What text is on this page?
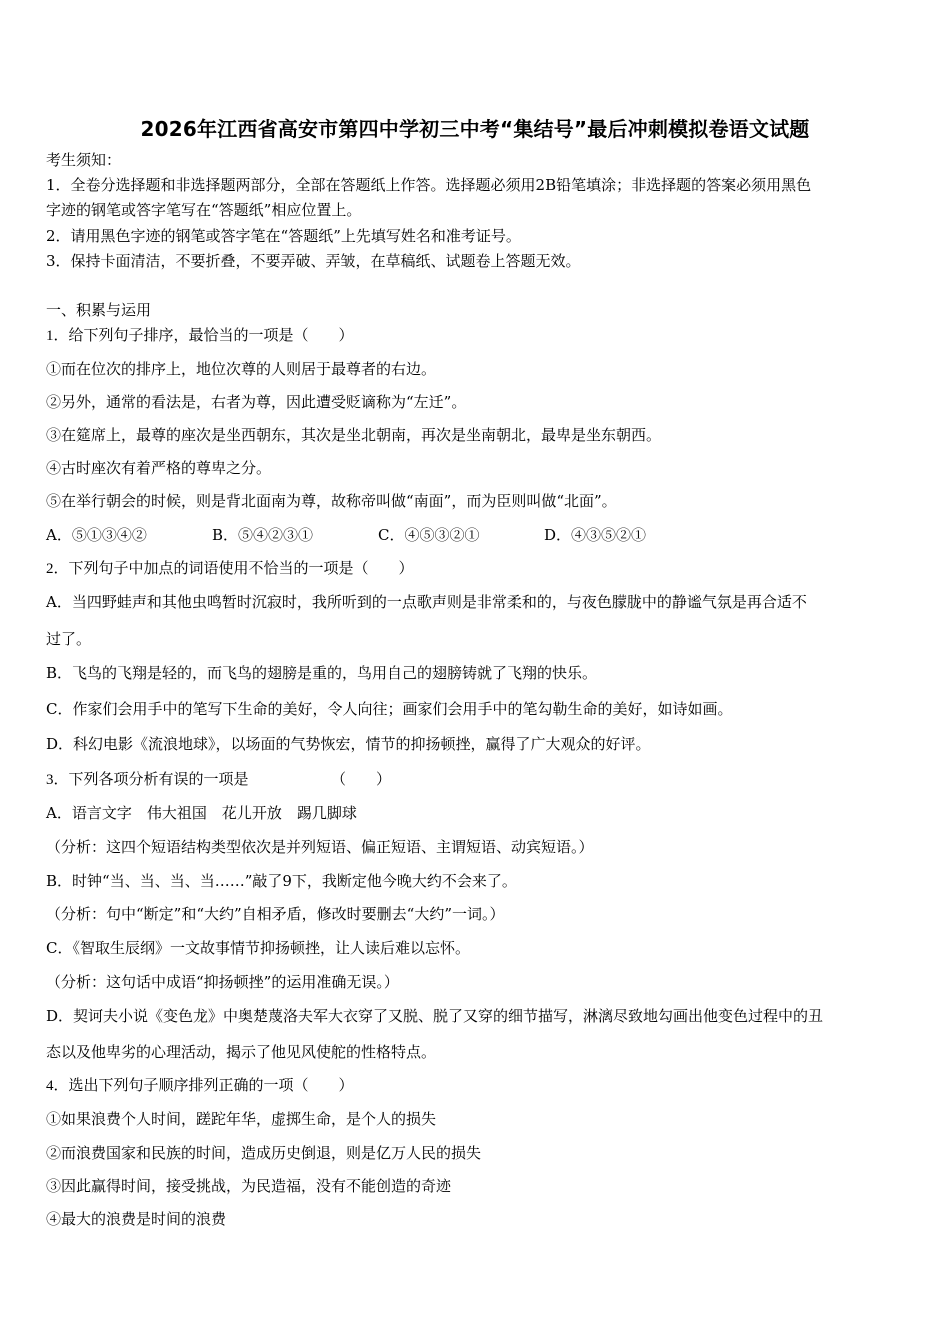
2026年江西省高安市第四中学初三中考“集结号”最后冲刺模拟卷语文试题
考生须知：
1．全卷分选择题和非选择题两部分，全部在答题纸上作答。选择题必须用2B铅笔填涂；非选择题的答案必须用黑色
字迹的钢笔或答字笔写在“答题纸”相应位置上。
2．请用黑色字迹的钢笔或答字笔在“答题纸”上先填写姓名和准考证号。
3．保持卡面清洁，不要折叠，不要弄破、弄皱，在草稿纸、试题卷上答题无效。
一、积累与运用
1．给下列句子排序，最恰当的一项是（　　）
①而在位次的排序上，地位次尊的人则居于最尊者的右边。
②另外，通常的看法是，右者为尊，因此遭受贬谪称为“左迁”。
③在筵席上，最尊的座次是坐西朝东，其次是坐北朝南，再次是坐南朝北，最卑是坐东朝西。
④古时座次有着严格的尊卑之分。
⑤在举行朝会的时候，则是背北面南为尊，故称帝叫做“南面”，而为臣则叫做“北面”。
A．⑤①③④②	B．⑤④②③①	C．④⑤③②①	D．④③⑤②①
2．下列句子中加点的词语使用不恰当的一项是（　　）
A．当四野蛙声和其他虫鸣暂时沉寂时，我所听到的一点歌声则是非常柔和的，与夜色朦胧中的静谧气氛是再合适不
过了。
B．飞鸟的飞翔是轻的，而飞鸟的翅膀是重的，鸟用自己的翅膀铸就了飞翔的快乐。
C．作家们会用手中的笔写下生命的美好，令人向往；画家们会用手中的笔勾勒生命的美好，如诗如画。
D．科幻电影《流浪地球》，以场面的气势恢宏，情节的抑扬顿挫，赢得了广大观众的好评。
3．下列各项分析有误的一项是　　　　　　（　　）
A．语言文字　伟大祖国　花儿开放　踢几脚球
（分析：这四个短语结构类型依次是并列短语、偏正短语、主谓短语、动宾短语。）
B．时钟“当、当、当、当……”敲了9下，我断定他今晚大约不会来了。
（分析：句中“断定”和“大约”自相矛盾，修改时要删去“大约”一词。）
C．《智取生辰纲》一文故事情节抑扬顿挫，让人读后难以忘怀。
（分析：这句话中成语“抑扬顿挫”的运用准确无误。）
D．契诃夫小说《变色龙》中奥楚蔑洛夫军大衣穿了又脱、脱了又穿的细节描写，淋漓尽致地勾画出他变色过程中的丑
态以及他卑劣的心理活动，揭示了他见风使舵的性格特点。
4．选出下列句子顺序排列正确的一项（　　）
①如果浪费个人时间，蹉跎年华，虚掷生命，是个人的损失
②而浪费国家和民族的时间，造成历史倒退，则是亿万人民的损失
③因此赢得时间，接受挑战，为民造福，没有不能创造的奇迹
④最大的浪费是时间的浪费
